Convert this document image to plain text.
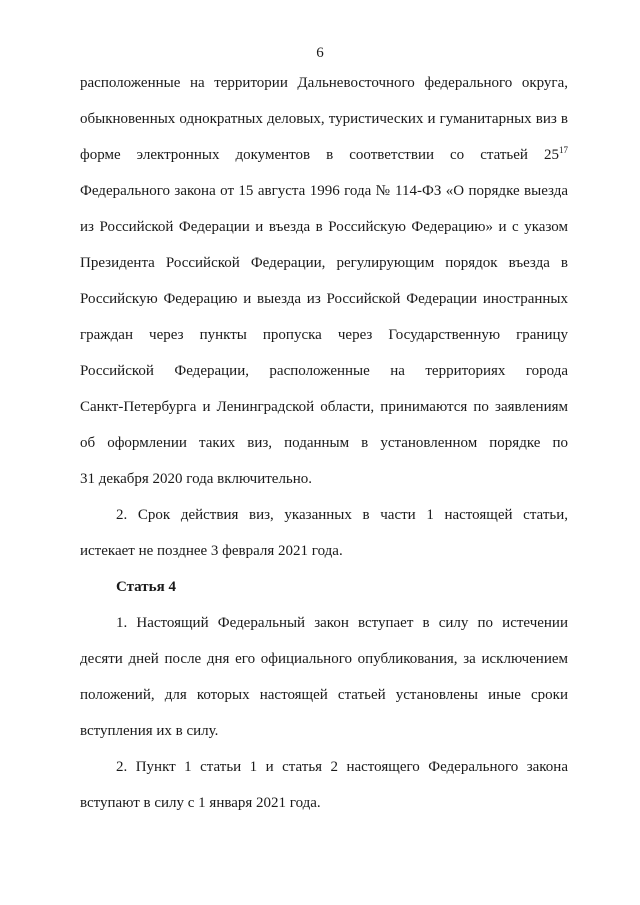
6
расположенные на территории Дальневосточного федерального округа,
обыкновенных однократных деловых, туристических и гуманитарных виз в
форме электронных документов в соответствии со статьей $25^{17}$
Федерального закона от 15 августа 1996 года № 114-ФЗ «О порядке выезда
из Российской Федерации и въезда в Российскую Федерацию» и с указом
Президента Российской Федерации, регулирующим порядок въезда в
Российскую Федерацию и выезда из Российской Федерации иностранных
граждан через пункты пропуска через Государственную границу
Российской Федерации, расположенные на территориях города
Санкт-Петербурга и Ленинградской области, принимаются по заявлениям
об оформлении таких виз, поданным в установленном порядке по
31 декабря 2020 года включительно.
2. Срок действия виз, указанных в части 1 настоящей статьи,
истекает не позднее 3 февраля 2021 года.
Статья 4
1. Настоящий Федеральный закон вступает в силу по истечении
десяти дней после дня его официального опубликования, за исключением
положений, для которых настоящей статьей установлены иные сроки
вступления их в силу.
2. Пункт 1 статьи 1 и статья 2 настоящего Федерального закона
вступают в силу с 1 января 2021 года.
